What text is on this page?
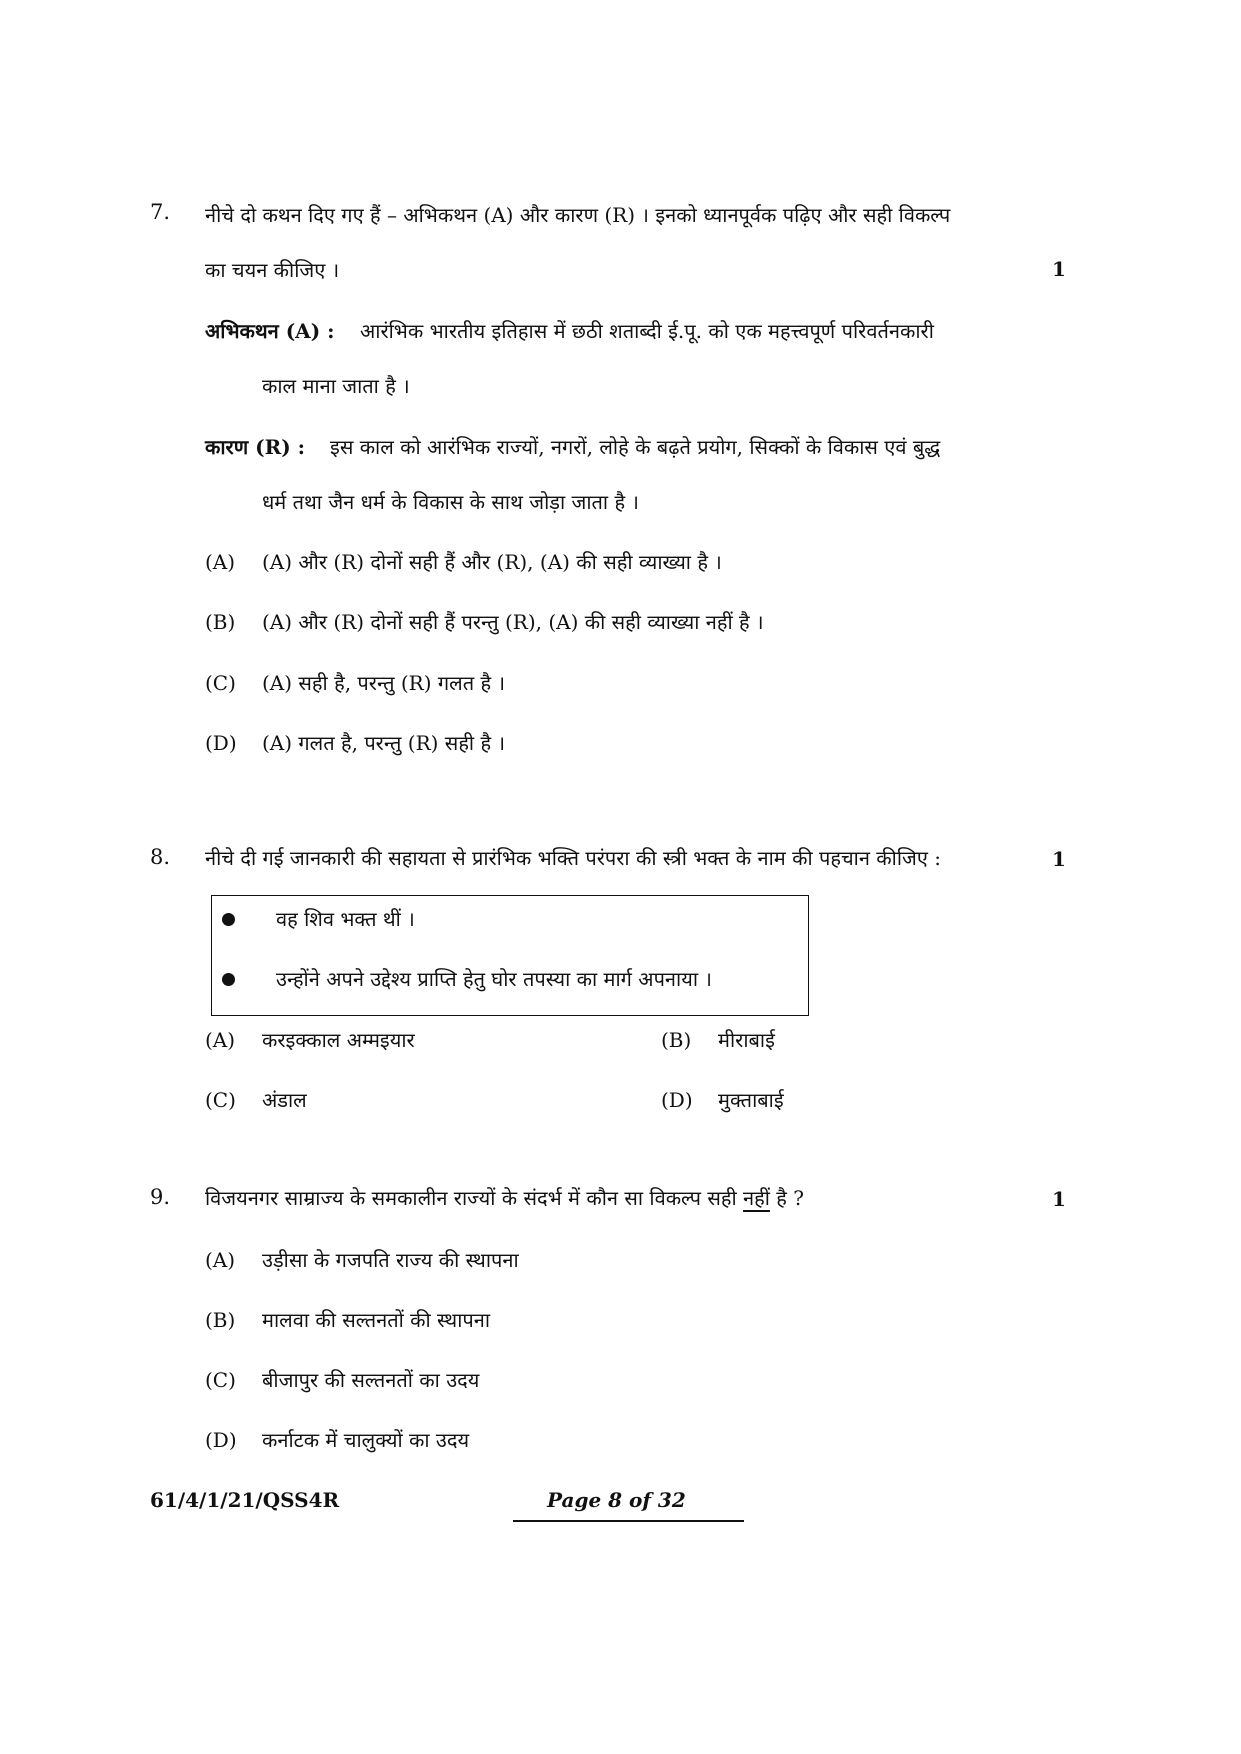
7. नीचे दो कथन दिए गए हैं – अभिकथन (A) और कारण (R) । इनको ध्यानपूर्वक पढ़िए और सही विकल्प
का चयन कीजिए ।	1
अभिकथन (A) : आरंभिक भारतीय इतिहास में छठी शताब्दी ई.पू. को एक महत्त्वपूर्ण परिवर्तनकारी
काल माना जाता है ।
कारण (R) : इस काल को आरंभिक राज्यों, नगरों, लोहे के बढ़ते प्रयोग, सिक्कों के विकास एवं बुद्ध
धर्म तथा जैन धर्म के विकास के साथ जोड़ा जाता है ।
(A) (A) और (R) दोनों सही हैं और (R), (A) की सही व्याख्या है ।
(B) (A) और (R) दोनों सही हैं परन्तु (R), (A) की सही व्याख्या नहीं है ।
(C) (A) सही है, परन्तु (R) गलत है ।
(D) (A) गलत है, परन्तु (R) सही है ।
8. नीचे दी गई जानकारी की सहायता से प्रारंभिक भक्ति परंपरा की स्त्री भक्त के नाम की पहचान कीजिए :	1
वह शिव भक्त थीं ।
उन्होंने अपने उद्देश्य प्राप्ति हेतु घोर तपस्या का मार्ग अपनाया ।
(A) करइक्काल अम्मइयार	(B) मीराबाई
(C) अंडाल	(D) मुक्ताबाई
9. विजयनगर साम्राज्य के समकालीन राज्यों के संदर्भ में कौन सा विकल्प सही नहीं है ?	1
(A) उड़ीसा के गजपति राज्य की स्थापना
(B) मालवा की सल्तनतों की स्थापना
(C) बीजापुर की सल्तनतों का उदय
(D) कर्नाटक में चालुक्यों का उदय
61/4/1/21/QSS4R	Page 8 of 32
